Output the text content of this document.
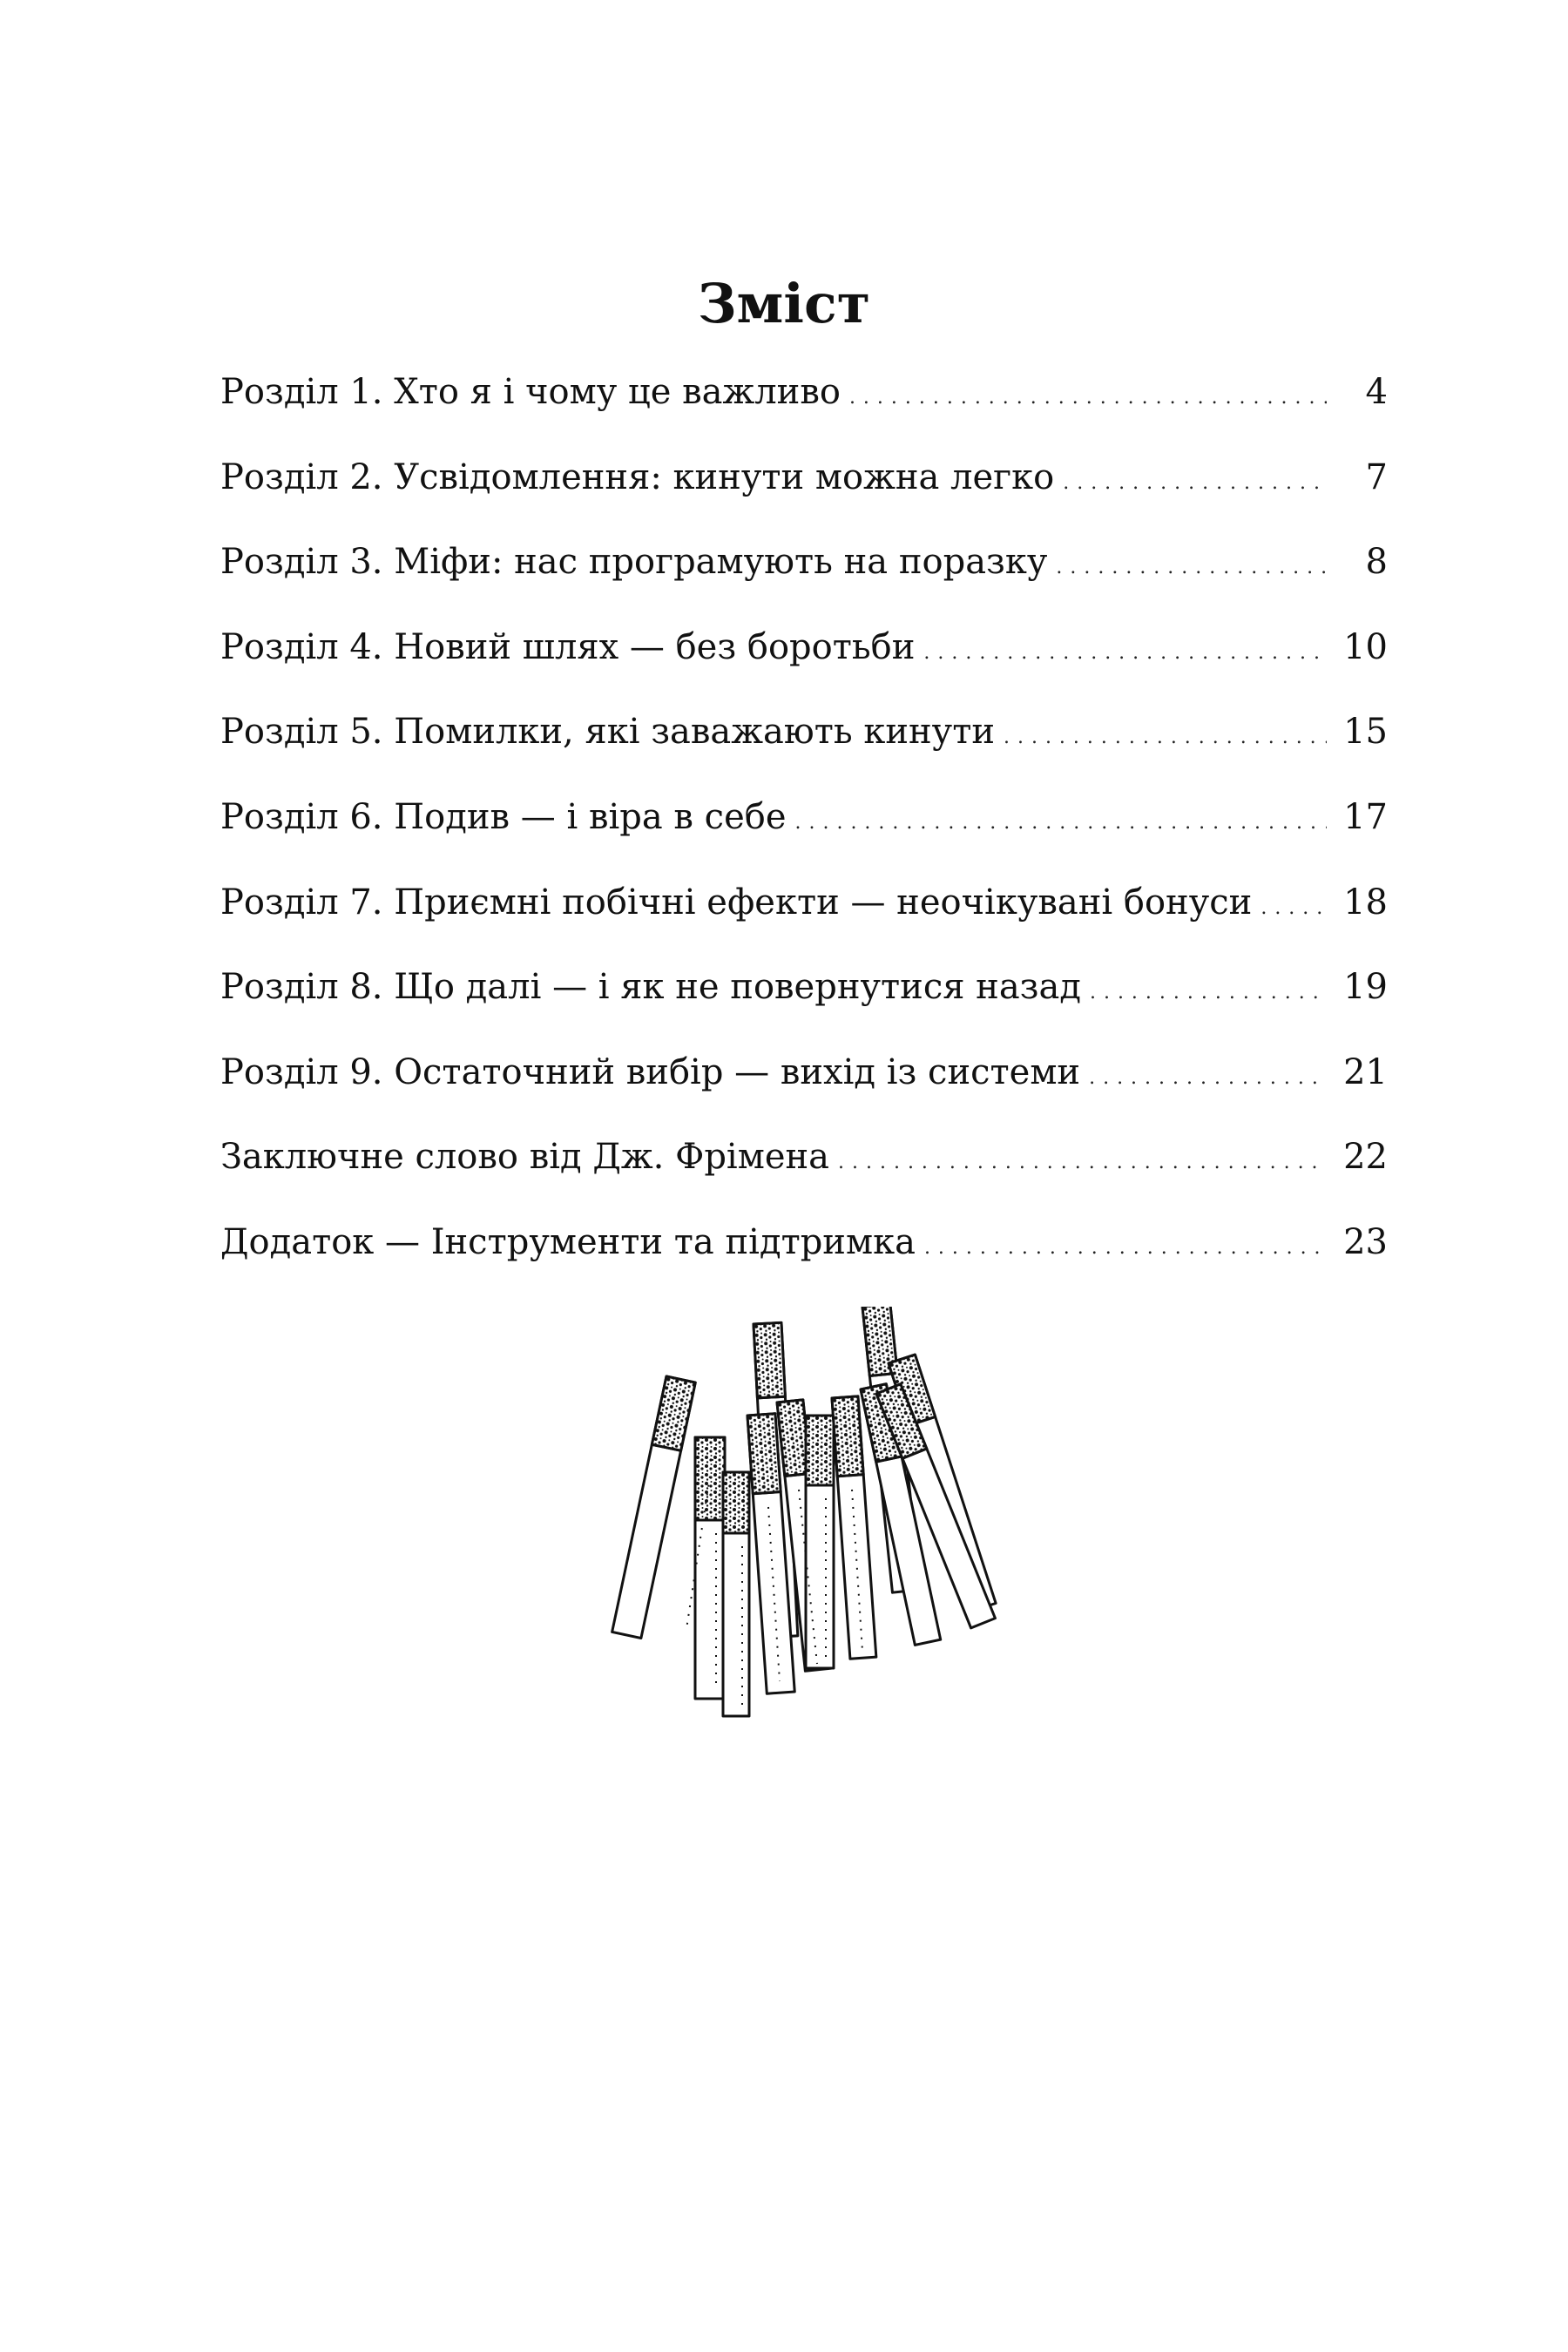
Зміст
Розділ 1. Хто я і чому це важливо . . .	4
Розділ 2. Усвідомлення: кинути можна легко . . .	7
Розділ 3. Міфи: нас програмують на поразку . . .	8
Розділ 4. Новий шлях — без боротьби . . .	10
Розділ 5. Помилки, які заважають кинути . . .	15
Розділ 6. Подив — і віра в себе . . .	17
Розділ 7. Приємні побічні ефекти — неочікувані бонуси . . .	18
Розділ 8. Що далі — і як не повернутися назад . . .	19
Розділ 9. Остаточний вибір — вихід із системи . . .	21
Заключне слово від Дж. Фрімена . . .	22
Додаток — Інструменти та підтримка . . .	23
